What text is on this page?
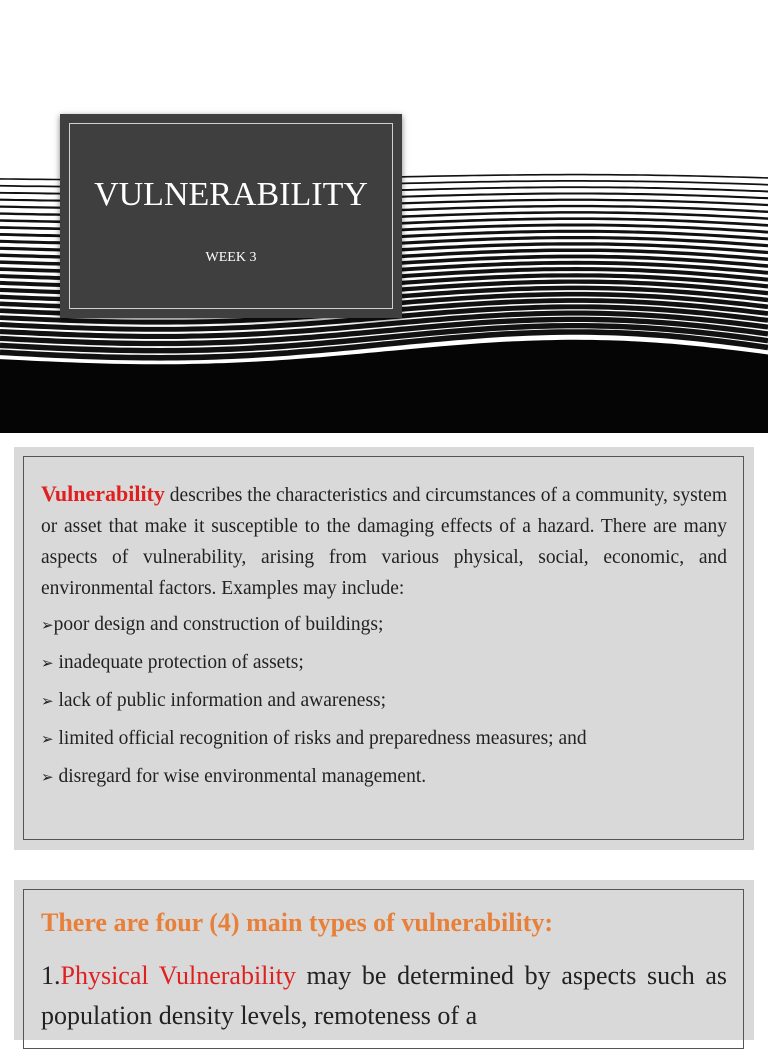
VULNERABILITY
WEEK 3
Vulnerability describes the characteristics and circumstances of a community, system or asset that make it susceptible to the damaging effects of a hazard. There are many aspects of vulnerability, arising from various physical, social, economic, and environmental factors. Examples may include:
➢poor design and construction of buildings;
➢ inadequate protection of assets;
➢ lack of public information and awareness;
➢ limited official recognition of risks and preparedness measures; and
➢ disregard for wise environmental management.
There are four (4) main types of vulnerability:
1.Physical Vulnerability may be determined by aspects such as population density levels, remoteness of a
